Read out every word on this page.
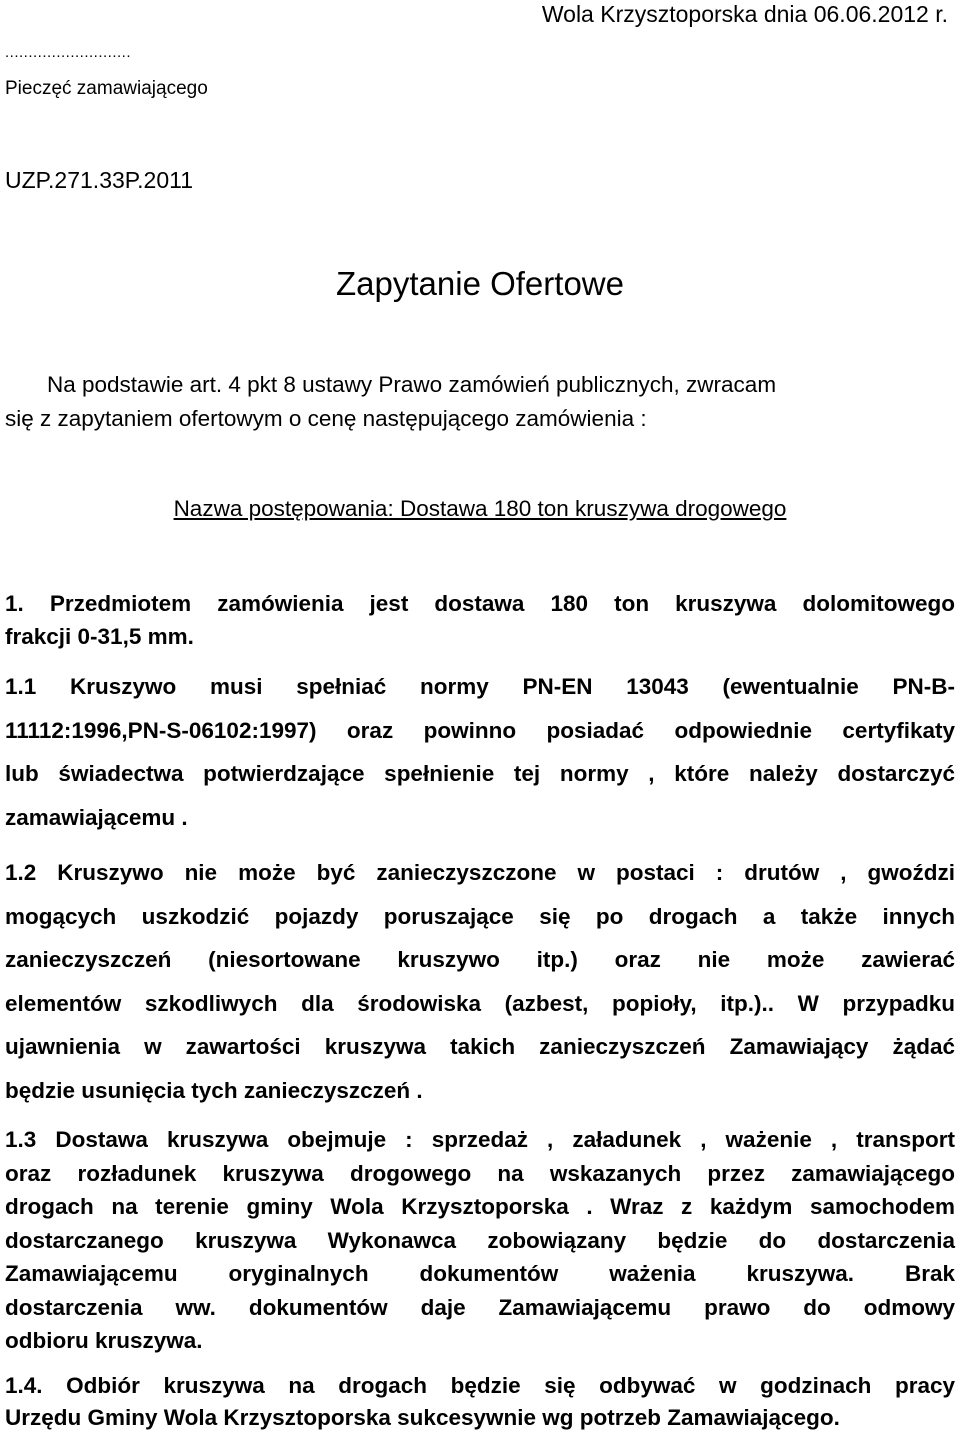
Wola Krzysztoporska dnia 06.06.2012 r.
...........................
Pieczęć zamawiającego
UZP.271.33P.2011
Zapytanie Ofertowe
Na podstawie art. 4 pkt 8 ustawy Prawo zamówień publicznych, zwracam
się z zapytaniem ofertowym o cenę następującego zamówienia :
Nazwa postępowania: Dostawa 180 ton kruszywa drogowego
1. Przedmiotem zamówienia jest dostawa 180 ton kruszywa dolomitowego
frakcji 0-31,5 mm.
1.1 Kruszywo musi spełniać normy PN-EN 13043 (ewentualnie PN-B-
11112:1996,PN-S-06102:1997) oraz powinno posiadać odpowiednie certyfikaty
lub świadectwa potwierdzające spełnienie tej normy , które należy dostarczyć
zamawiającemu .
1.2 Kruszywo nie może być zanieczyszczone w postaci : drutów , gwoździ
mogących uszkodzić pojazdy poruszające się po drogach a także innych
zanieczyszczeń (niesortowane kruszywo itp.) oraz nie może zawierać
elementów szkodliwych dla środowiska (azbest, popioły, itp.).. W przypadku
ujawnienia w zawartości kruszywa takich zanieczyszczeń Zamawiający żądać
będzie usunięcia tych zanieczyszczeń .
1.3 Dostawa kruszywa obejmuje : sprzedaż , załadunek , ważenie , transport
oraz rozładunek kruszywa drogowego na wskazanych przez zamawiającego
drogach na terenie gminy Wola Krzysztoporska . Wraz z każdym samochodem
dostarczanego kruszywa Wykonawca zobowiązany będzie do dostarczenia
Zamawiającemu oryginalnych dokumentów ważenia kruszywa. Brak
dostarczenia ww. dokumentów daje Zamawiającemu prawo do odmowy
odbioru kruszywa.
1.4. Odbiór kruszywa na drogach będzie się odbywać w godzinach pracy
Urzędu Gminy Wola Krzysztoporska sukcesywnie wg potrzeb Zamawiającego.
